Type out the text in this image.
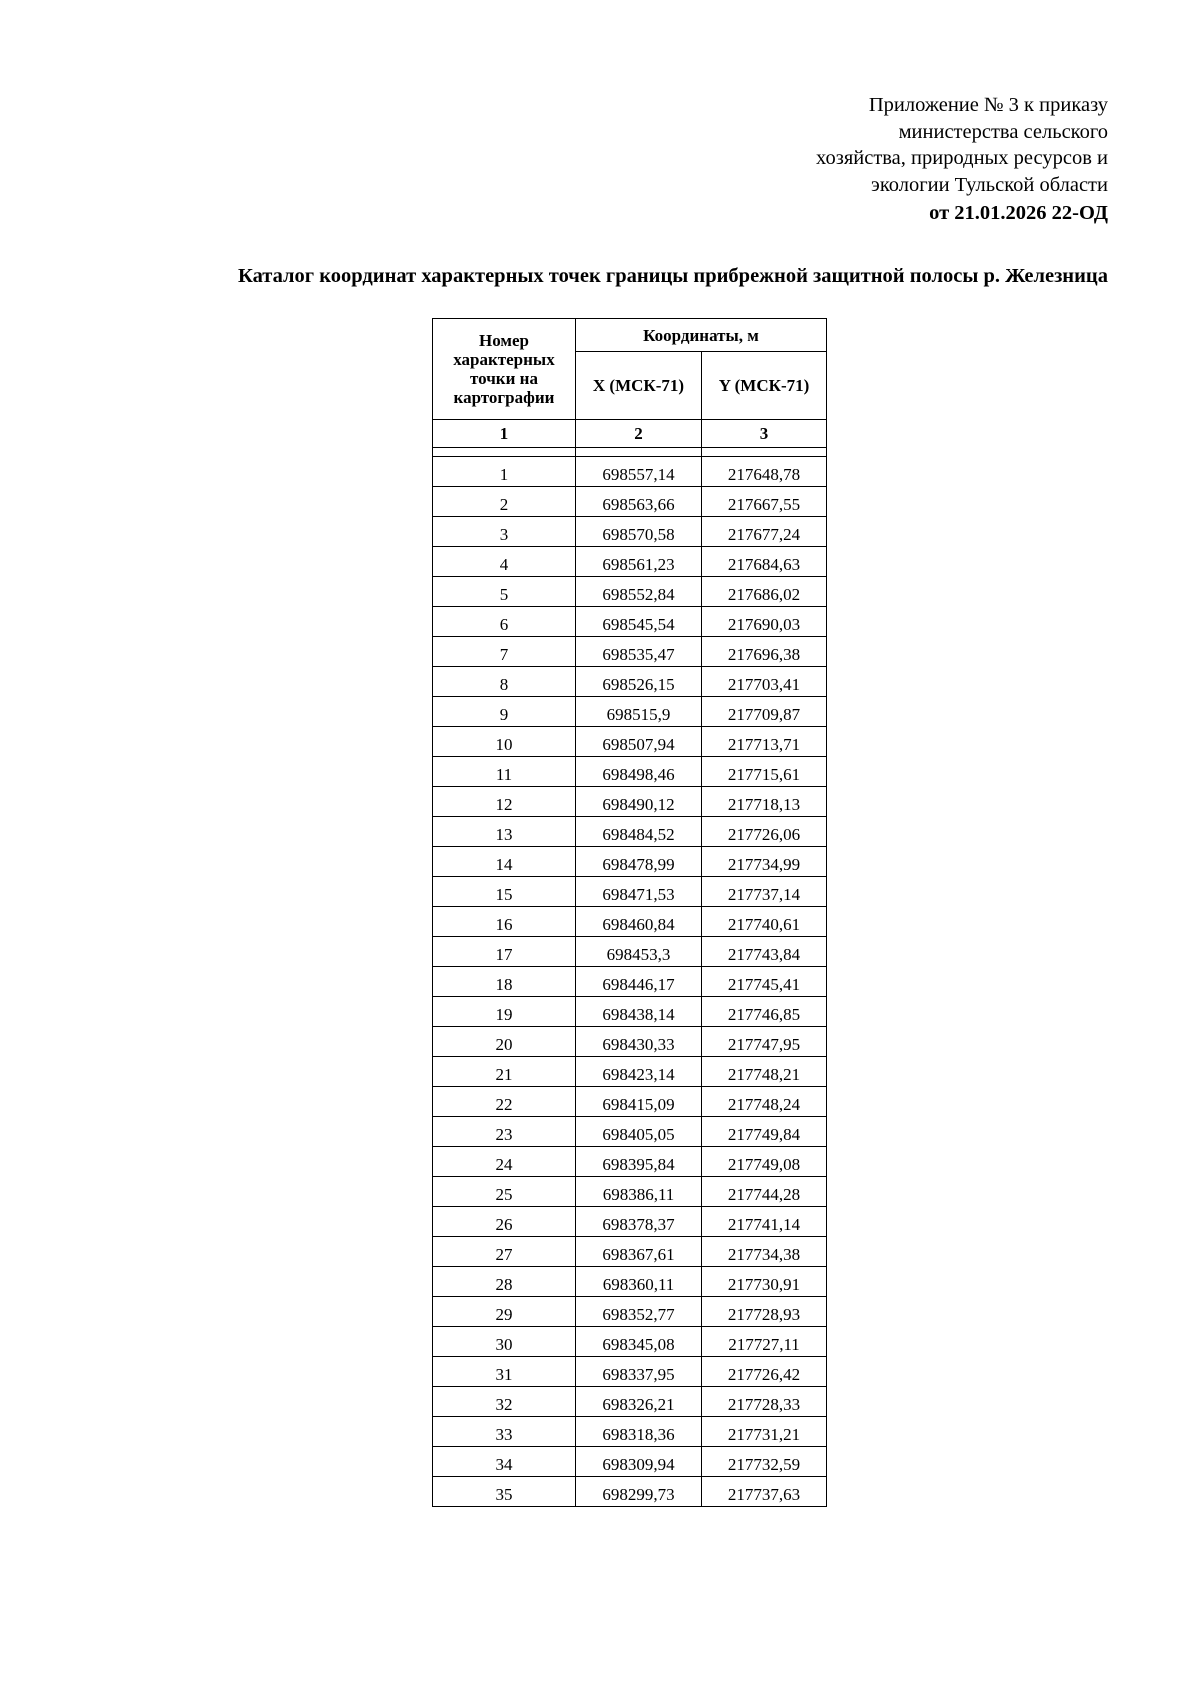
Приложение № 3 к приказу
министерства сельского
хозяйства, природных ресурсов и
экологии Тульской области
от 21.01.2026 22-ОД
Каталог координат характерных точек границы прибрежной защитной полосы р. Железница
Номер характерных точки на картографии	Координаты, м	
	X (МСК-71)	Y (МСК-71)
1	2	3

1	698557,14	217648,78
2	698563,66	217667,55
3	698570,58	217677,24
4	698561,23	217684,63
5	698552,84	217686,02
6	698545,54	217690,03
7	698535,47	217696,38
8	698526,15	217703,41
9	698515,9	217709,87
10	698507,94	217713,71
11	698498,46	217715,61
12	698490,12	217718,13
13	698484,52	217726,06
14	698478,99	217734,99
15	698471,53	217737,14
16	698460,84	217740,61
17	698453,3	217743,84
18	698446,17	217745,41
19	698438,14	217746,85
20	698430,33	217747,95
21	698423,14	217748,21
22	698415,09	217748,24
23	698405,05	217749,84
24	698395,84	217749,08
25	698386,11	217744,28
26	698378,37	217741,14
27	698367,61	217734,38
28	698360,11	217730,91
29	698352,77	217728,93
30	698345,08	217727,11
31	698337,95	217726,42
32	698326,21	217728,33
33	698318,36	217731,21
34	698309,94	217732,59
35	698299,73	217737,63
